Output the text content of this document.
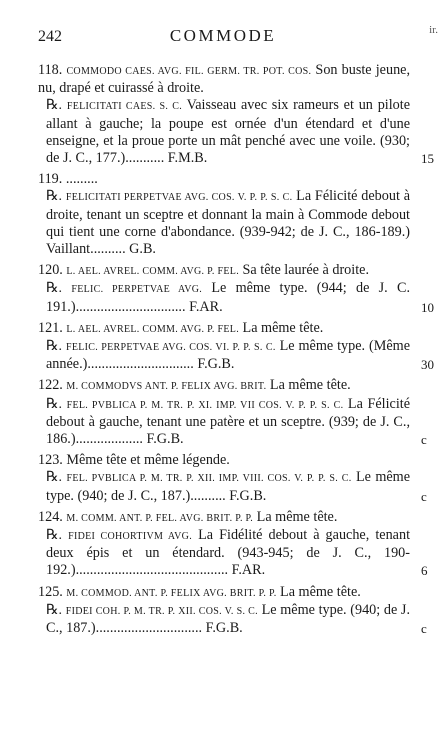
242	COMMODE	ir.

118. COMMODO CAES. AVG. FIL. GERM. TR. POT. COS. Son buste jeune, nu, drapé et cuirassé à droite.

℞. FELICITATI CAES. S. C. Vaisseau avec six rameurs et un pilote allant à gauche; la poupe est ornée d'un étendard et d'une enseigne, et la proue porte un mât penché avec une voile. (930; de J. C., 177.)........... F.M.B.	15

119. .........

℞. FELICITATI PERPETVAE AVG. COS. V. P. P. S. C. La Félicité debout à droite, tenant un sceptre et donnant la main à Commode debout qui tient une corne d'abondance. (939-942; de J. C., 186-189.) Vaillant.......... G.B.

120. L. AEL. AVREL. COMM. AVG. P. FEL. Sa tête laurée à droite.

℞. FELIC. PERPETVAE AVG. Le même type. (944; de J. C. 191.)............................... F.AR.	10

121. L. AEL. AVREL. COMM. AVG. P. FEL. La même tête.

℞. FELIC. PERPETVAE AVG. COS. VI. P. P. S. C. Le même type. (Même année.).............................. F.G.B.	30

122. M. COMMODVS ANT. P. FELIX AVG. BRIT. La même tête.

℞. FEL. PVBLICA P. M. TR. P. XI. IMP. VII COS. V. P. P. S. C. La Félicité debout à gauche, tenant une patère et un sceptre. (939; de J. C., 186.)................... F.G.B.	c

123. Même tête et même légende.

℞. FEL. PVBLICA P. M. TR. P. XII. IMP. VIII. COS. V. P. P. S. C. Le même type. (940; de J. C., 187.).......... F.G.B.	c

124. M. COMM. ANT. P. FEL. AVG. BRIT. P. P. La même tête.

℞. FIDEI COHORTIVM AVG. La Fidélité debout à gauche, tenant deux épis et un étendard. (943-945; de J. C., 190-192.)........................................... F.AR.	6

125. M. COMMOD. ANT. P. FELIX AVG. BRIT. P. P. La même tête.

℞. FIDEI COH. P. M. TR. P. XII. COS. V. S. C. Le même type. (940; de J. C., 187.).............................. F.G.B.	c
